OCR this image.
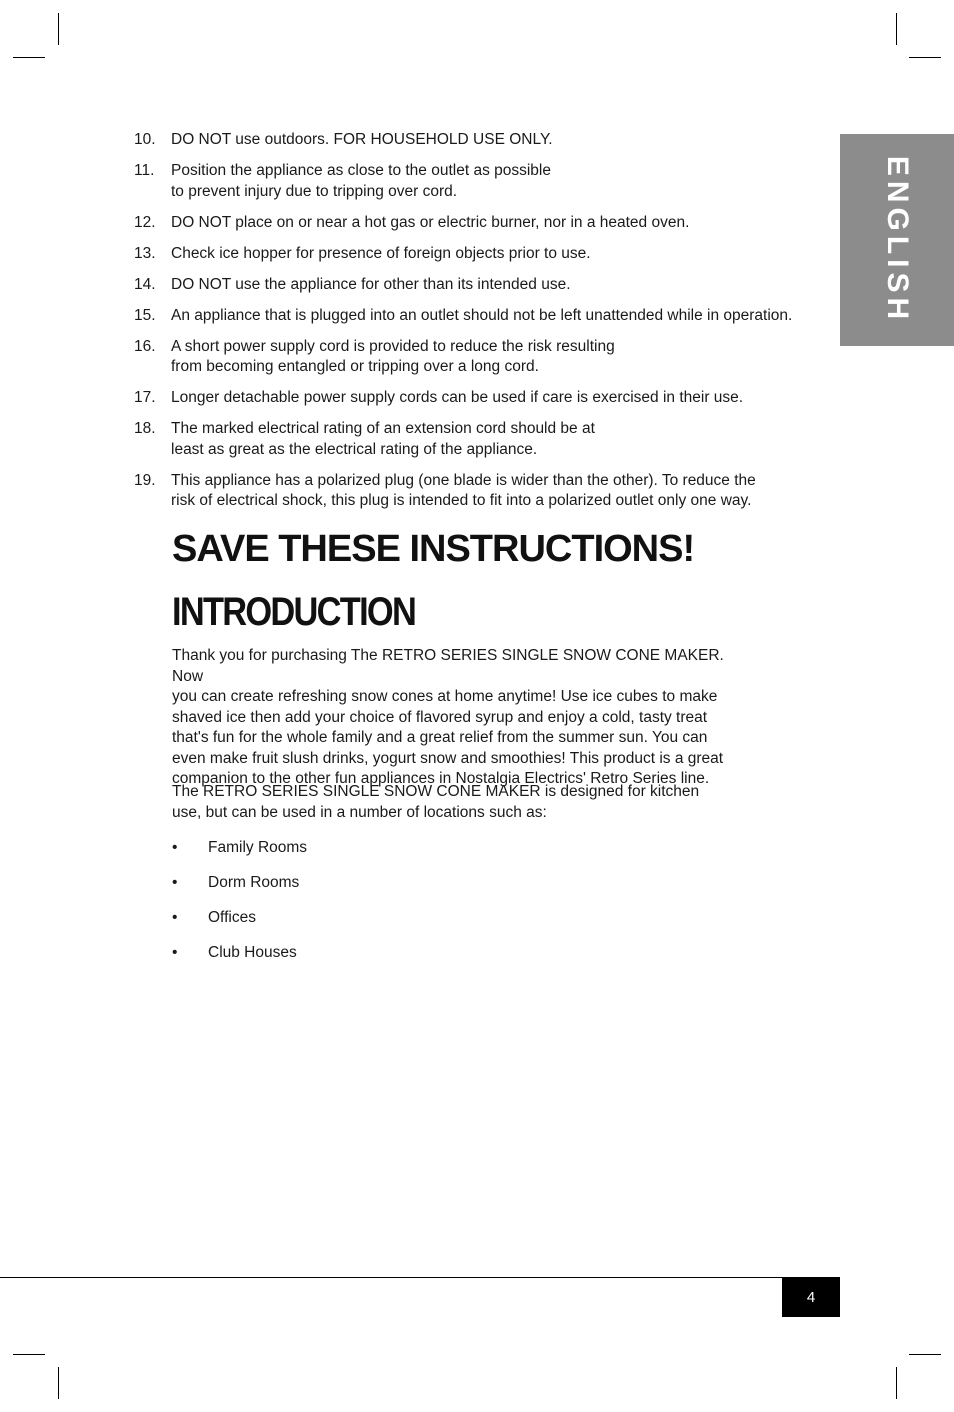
ENGLISH
10. DO NOT use outdoors. FOR HOUSEHOLD USE ONLY.
11.	Position the appliance as close to the outlet as possible
to prevent injury due to tripping over cord.
12. DO NOT place on or near a hot gas or electric burner, nor in a heated oven.
13. Check ice hopper for presence of foreign objects prior to use.
14. DO NOT use the appliance for other than its intended use.
15. An appliance that is plugged into an outlet should not be left unattended while in operation.
16. A short power supply cord is provided to reduce the risk resulting
from becoming entangled or tripping over a long cord.
17. Longer detachable power supply cords can be used if care is exercised in their use.
18. The marked electrical rating of an extension cord should be at
least as great as the electrical rating of the appliance.
19. This appliance has a polarized plug (one blade is wider than the other). To reduce the
risk of electrical shock, this plug is intended to fit into a polarized outlet only one way.
SAVE THESE INSTRUCTIONS!
INTRODUCTION

Thank you for purchasing The RETRO SERIES SINGLE SNOW CONE MAKER. Now
you can create refreshing snow cones at home anytime! Use ice cubes to make
shaved ice then add your choice of flavored syrup and enjoy a cold, tasty treat
that's fun for the whole family and a great relief from the summer sun. You can
even make fruit slush drinks, yogurt snow and smoothies! This product is a great
companion to the other fun appliances in Nostalgia Electrics' Retro Series line.

The RETRO SERIES SINGLE SNOW CONE MAKER is designed for kitchen
use, but can be used in a number of locations such as:

•	Family Rooms
•	Dorm Rooms
•	Offices
•	Club Houses
4
